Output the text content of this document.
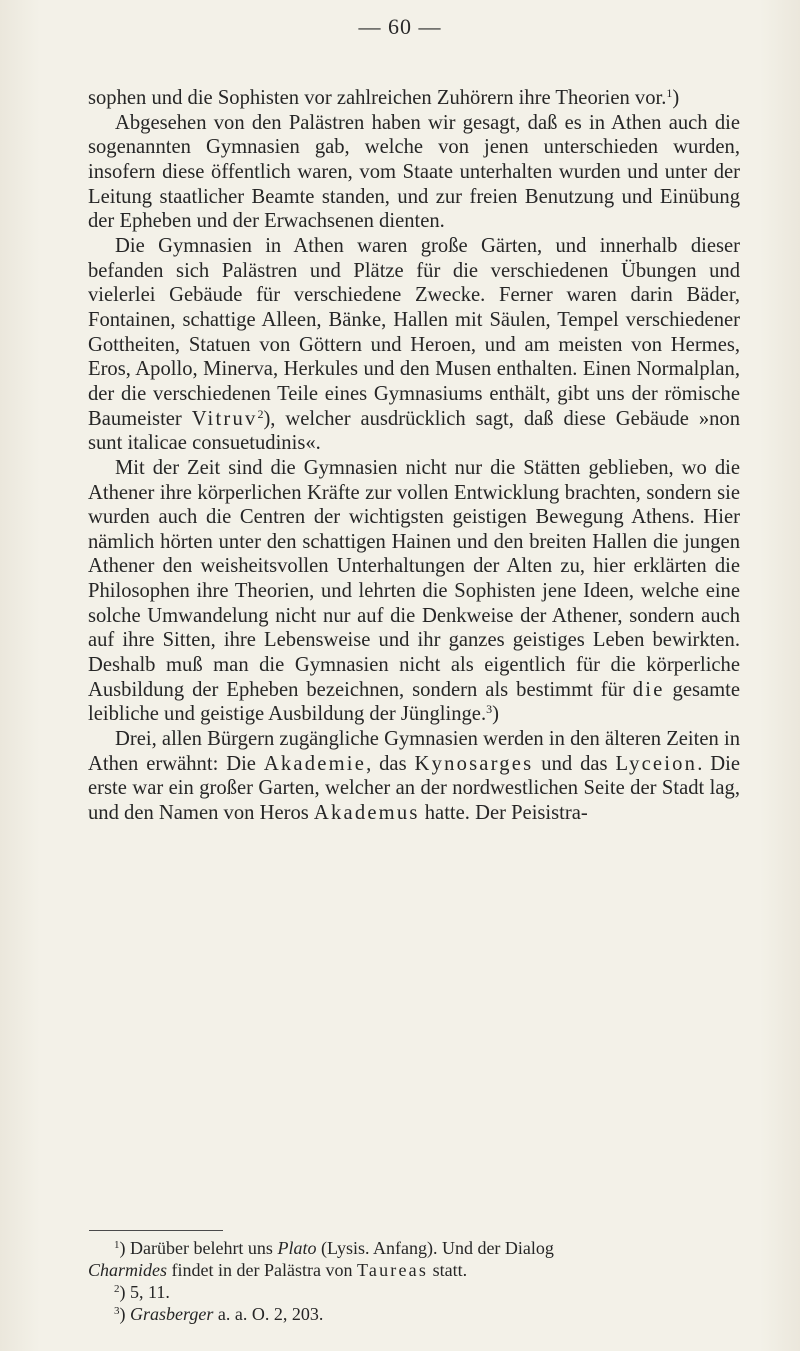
— 60 —

sophen und die Sophisten vor zahlreichen Zuhörern ihre Theorien vor.$^1$)

Abgesehen von den Palästren haben wir gesagt, daß es in Athen auch die sogenannten Gymnasien gab, welche von jenen unterschieden wurden, insofern diese öffentlich waren, vom Staate unterhalten wurden und unter der Leitung staatlicher Beamte standen, und zur freien Benutzung und Einübung der Epheben und der Erwachsenen dienten.

Die Gymnasien in Athen waren große Gärten, und innerhalb dieser befanden sich Palästren und Plätze für die verschiedenen Übungen und vielerlei Gebäude für verschiedene Zwecke. Ferner waren darin Bäder, Fontainen, schattige Alleen, Bänke, Hallen mit Säulen, Tempel verschiedener Gottheiten, Statuen von Göttern und Heroen, und am meisten von Hermes, Eros, Apollo, Minerva, Herkules und den Musen enthalten. Einen Normalplan, der die verschiedenen Teile eines Gymnasiums enthält, gibt uns der römische Baumeister Vitruv$^2$), welcher ausdrücklich sagt, daß diese Gebäude »non sunt italicae consuetudinis«.

Mit der Zeit sind die Gymnasien nicht nur die Stätten geblieben, wo die Athener ihre körperlichen Kräfte zur vollen Entwicklung brachten, sondern sie wurden auch die Centren der wichtigsten geistigen Bewegung Athens. Hier nämlich hörten unter den schattigen Hainen und den breiten Hallen die jungen Athener den weisheitsvollen Unterhaltungen der Alten zu, hier erklärten die Philosophen ihre Theorien, und lehrten die Sophisten jene Ideen, welche eine solche Umwandelung nicht nur auf die Denkweise der Athener, sondern auch auf ihre Sitten, ihre Lebensweise und ihr ganzes geistiges Leben bewirkten. Deshalb muß man die Gymnasien nicht als eigentlich für die körperliche Ausbildung der Epheben bezeichnen, sondern als bestimmt für die gesamte leibliche und geistige Ausbildung der Jünglinge.$^3$)

Drei, allen Bürgern zugängliche Gymnasien werden in den älteren Zeiten in Athen erwähnt: Die Akademie, das Kynosarges und das Lyceion. Die erste war ein großer Garten, welcher an der nordwestlichen Seite der Stadt lag, und den Namen von Heros Akademus hatte. Der Peisistra-

$^1$) Darüber belehrt uns Plato (Lysis. Anfang). Und der Dialog

Charmides findet in der Palästra von Taureas statt.

$^2$) 5, 11.

$^3$) Grasberger a. a. O. 2, 203.
